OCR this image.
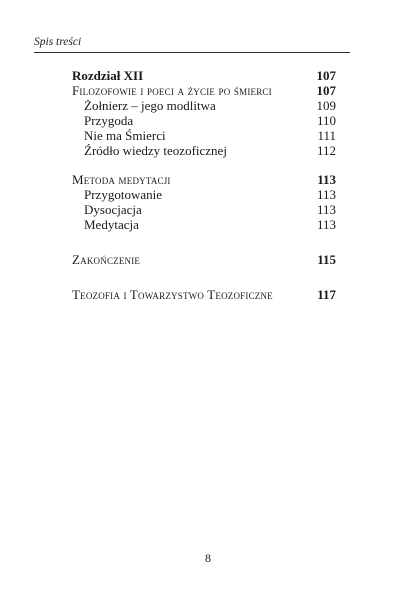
Spis treści
Rozdział XII	107
Filozofowie i poeci a życie po śmierci	107
Żołnierz – jego modlitwa	109
Przygoda	110
Nie ma Śmierci	111
Źródło wiedzy teozoficznej	112
Metoda medytacji	113
Przygotowanie	113
Dysocjacja	113
Medytacja	113
Zakończenie	115
Teozofia i Towarzystwo Teozoficzne	117
8
